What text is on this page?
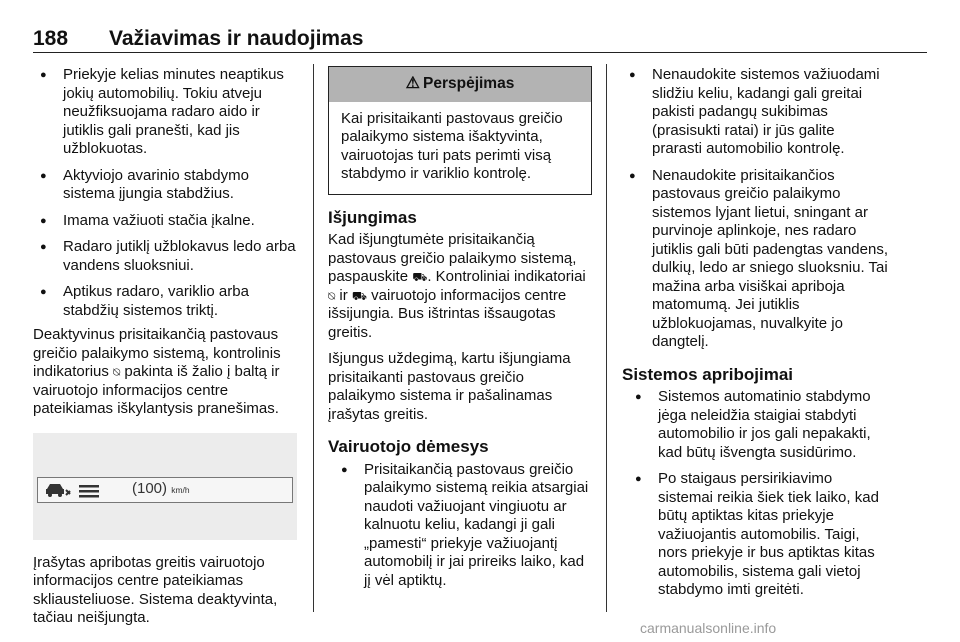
188 Važiavimas ir naudojimas
● Priekyje kelias minutes neaptikus jokių automobilių. Tokiu atveju neužfiksuojama radaro aido ir jutiklis gali pranešti, kad jis užblokuotas.
● Aktyviojo avarinio stabdymo sistema įjungia stabdžius.
● Imama važiuoti stačia įkalne.
● Radaro jutiklį užblokavus ledo arba vandens sluoksniui.
● Aptikus radaro, variklio arba stabdžių sistemos triktį.

Deaktyvinus prisitaikančią pastovaus greičio palaikymo sistemą, kontrolinis indikatorius ⍉ pakinta iš žalio į baltą ir vairuotojo informacijos centre pateikiamas iškylantysis pranešimas.

(100) km/h

Įrašytas apribotas greitis vairuotojo informacijos centre pateikiamas skliausteliuose. Sistema deaktyvinta, tačiau neišjungta.

⚠ Perspėjimas
Kai prisitaikanti pastovaus greičio palaikymo sistema išaktyvinta, vairuotojas turi pats perimti visą stabdymo ir variklio kontrolę.
Išjungimas

Kad išjungtumėte prisitaikančią pastovaus greičio palaikymo sistemą, paspauskite ⛟. Kontroliniai indikatoriai ⍉ ir ⛟ vairuotojo informacijos centre išsijungia. Bus ištrintas išsaugotas greitis.

Išjungus uždegimą, kartu išjungiama prisitaikanti pastovaus greičio palaikymo sistema ir pašalinamas įrašytas greitis.

Vairuotojo dėmesys
● Prisitaikančią pastovaus greičio palaikymo sistemą reikia atsargiai naudoti važiuojant vingiuotu ar kalnuotu keliu, kadangi ji gali „pamesti“ priekyje važiuojantį automobilį ir jai prireiks laiko, kad jį vėl aptiktų.
● Nenaudokite sistemos važiuodami slidžiu keliu, kadangi gali greitai pakisti padangų sukibimas (prasisukti ratai) ir jūs galite prarasti automobilio kontrolę.
● Nenaudokite prisitaikančios pastovaus greičio palaikymo sistemos lyjant lietui, sningant ar purvinoje aplinkoje, nes radaro jutiklis gali būti padengtas vandens, dulkių, ledo ar sniego sluoksniu. Tai mažina arba visiškai apriboja matomumą. Jei jutiklis užblokuojamas, nuvalkyite jo dangtelį.
Sistemos apribojimai
● Sistemos automatinio stabdymo jėga neleidžia staigiai stabdyti automobilio ir jos gali nepakakti, kad būtų išvengta susidūrimo.
● Po staigaus persirikiavimo sistemai reikia šiek tiek laiko, kad būtų aptiktas kitas priekyje važiuojantis automobilis. Taigi, nors priekyje ir bus aptiktas kitas automobilis, sistema gali vietoj stabdymo imti greitėti.
carmanualsonline.info
